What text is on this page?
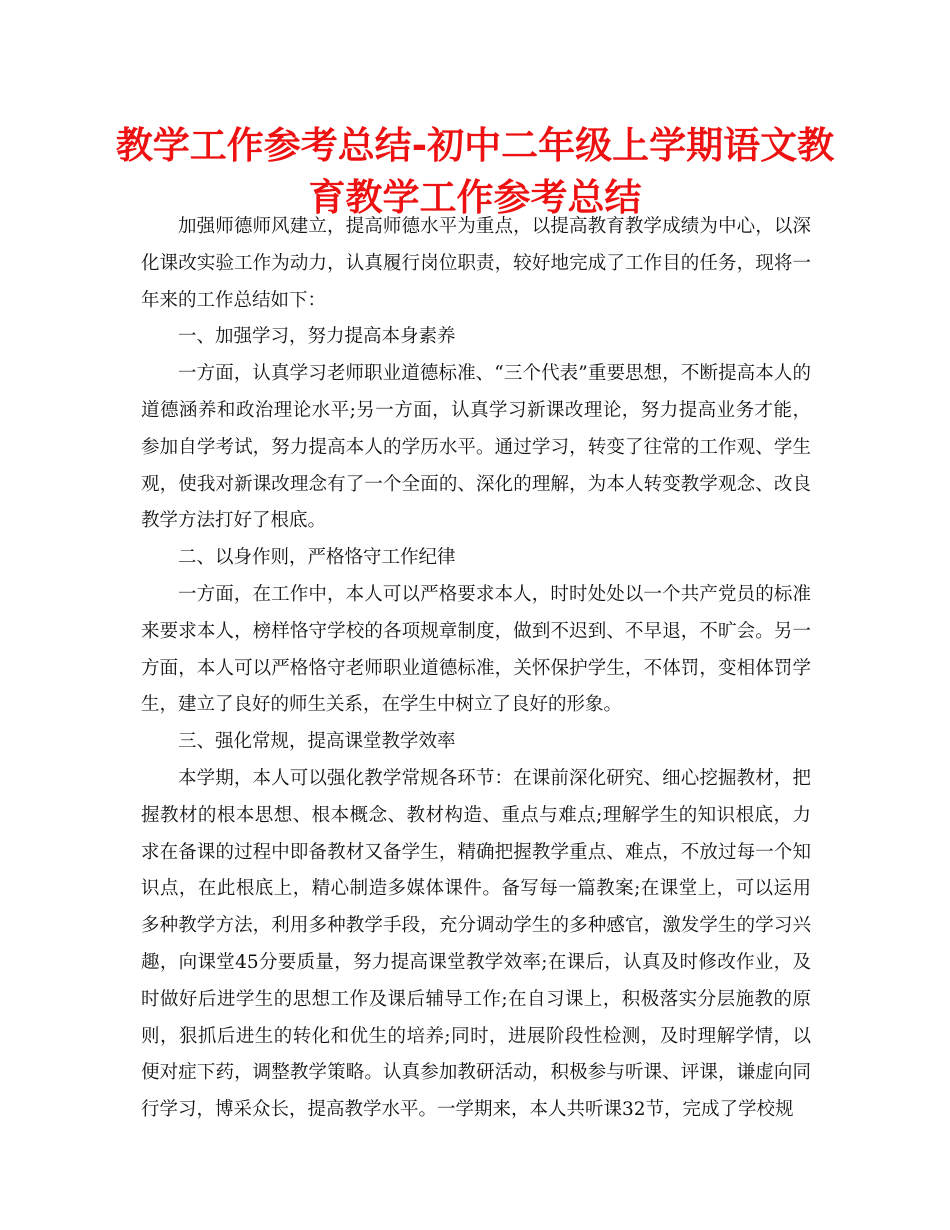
教学工作参考总结-初中二年级上学期语文教育教学工作参考总结

加强师德师风建立，提高师德水平为重点，以提高教育教学成绩为中心，以深化课改实验工作为动力，认真履行岗位职责，较好地完成了工作目的任务，现将一年来的工作总结如下：

一、加强学习，努力提高本身素养

一方面，认真学习老师职业道德标准、“三个代表”重要思想，不断提高本人的道德涵养和政治理论水平;另一方面，认真学习新课改理论，努力提高业务才能，参加自学考试，努力提高本人的学历水平。通过学习，转变了往常的工作观、学生观，使我对新课改理念有了一个全面的、深化的理解，为本人转变教学观念、改良教学方法打好了根底。

二、以身作则，严格恪守工作纪律

一方面，在工作中，本人可以严格要求本人，时时处处以一个共产党员的标准来要求本人，榜样恪守学校的各项规章制度，做到不迟到、不早退，不旷会。另一方面，本人可以严格恪守老师职业道德标准，关怀保护学生，不体罚，变相体罚学生，建立了良好的师生关系，在学生中树立了良好的形象。

三、强化常规，提高课堂教学效率

本学期，本人可以强化教学常规各环节：在课前深化研究、细心挖掘教材，把握教材的根本思想、根本概念、教材构造、重点与难点;理解学生的知识根底，力求在备课的过程中即备教材又备学生，精确把握教学重点、难点，不放过每一个知识点，在此根底上，精心制造多媒体课件。备写每一篇教案;在课堂上，可以运用多种教学方法，利用多种教学手段，充分调动学生的多种感官，激发学生的学习兴趣，向课堂45分要质量，努力提高课堂教学效率;在课后，认真及时修改作业，及时做好后进学生的思想工作及课后辅导工作;在自习课上，积极落实分层施教的原则，狠抓后进生的转化和优生的培养;同时，进展阶段性检测，及时理解学情，以便对症下药，调整教学策略。认真参加教研活动，积极参与听课、评课，谦虚向同行学习，博采众长，提高教学水平。一学期来，本人共听课32节，完成了学校规
